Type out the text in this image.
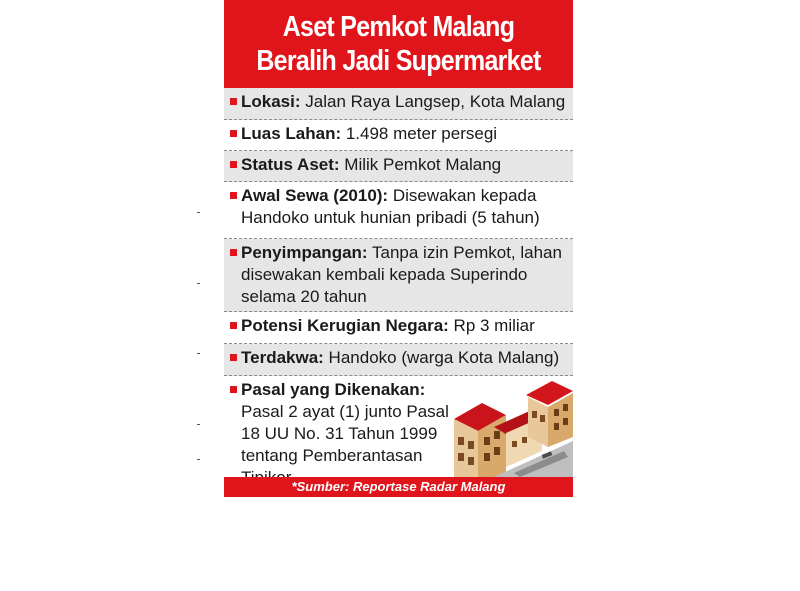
Aset Pemkot Malang
Beralih Jadi Supermarket
Lokasi: Jalan Raya Langsep, Kota Malang
Luas Lahan: 1.498 meter persegi
Status Aset: Milik Pemkot Malang
Awal Sewa (2010): Disewakan kepada Handoko untuk hunian pribadi (5 tahun)
Penyimpangan: Tanpa izin Pemkot, lahan disewakan kembali kepada Superindo selama 20 tahun
Potensi Kerugian Negara: Rp 3 miliar
Terdakwa: Handoko (warga Kota Malang)
Pasal yang Dikenakan: Pasal 2 ayat (1) junto Pasal 18 UU No. 31 Tahun 1999 tentang Pemberantasan
*Sumber: Reportase Radar Malang
